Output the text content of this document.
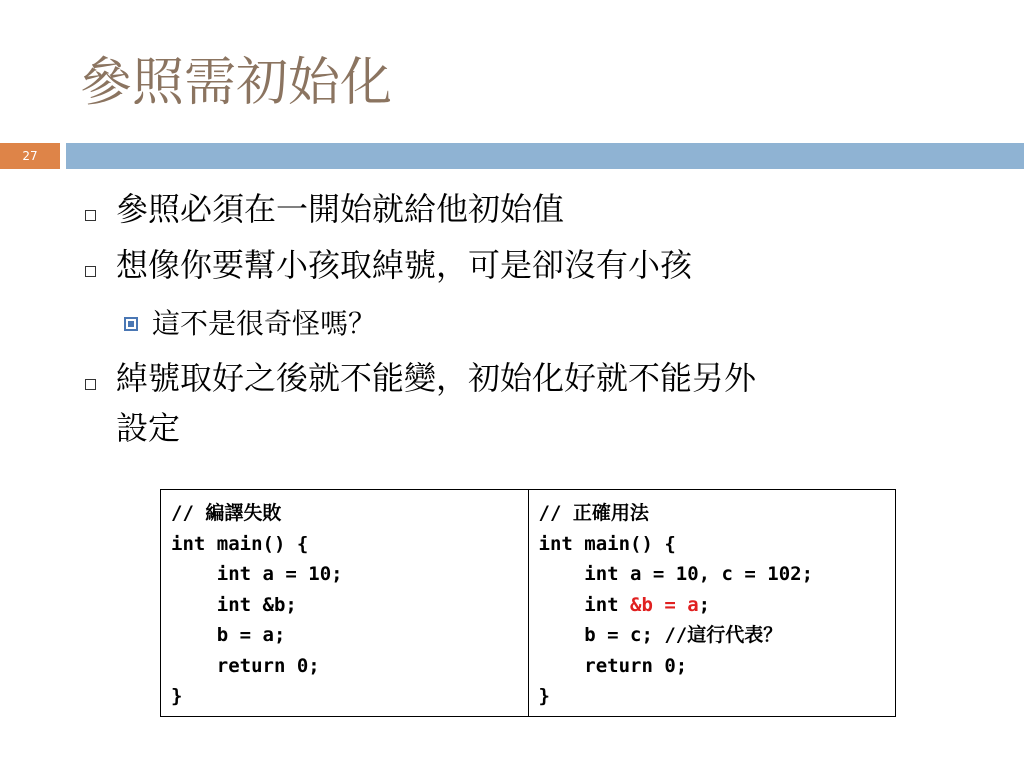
參照需初始化
27
參照必須在一開始就給他初始值
想像你要幫小孩取綽號，可是卻沒有小孩
這不是很奇怪嗎？
綽號取好之後就不能變，初始化好就不能另外
設定
// 編譯失敗
int main() {
int a = 10;
int &b;
b = a;
return 0;
}
// 正確用法
int main() {
int a = 10, c = 102;
int &b = a;
b = c; //這行代表？
return 0;
}
